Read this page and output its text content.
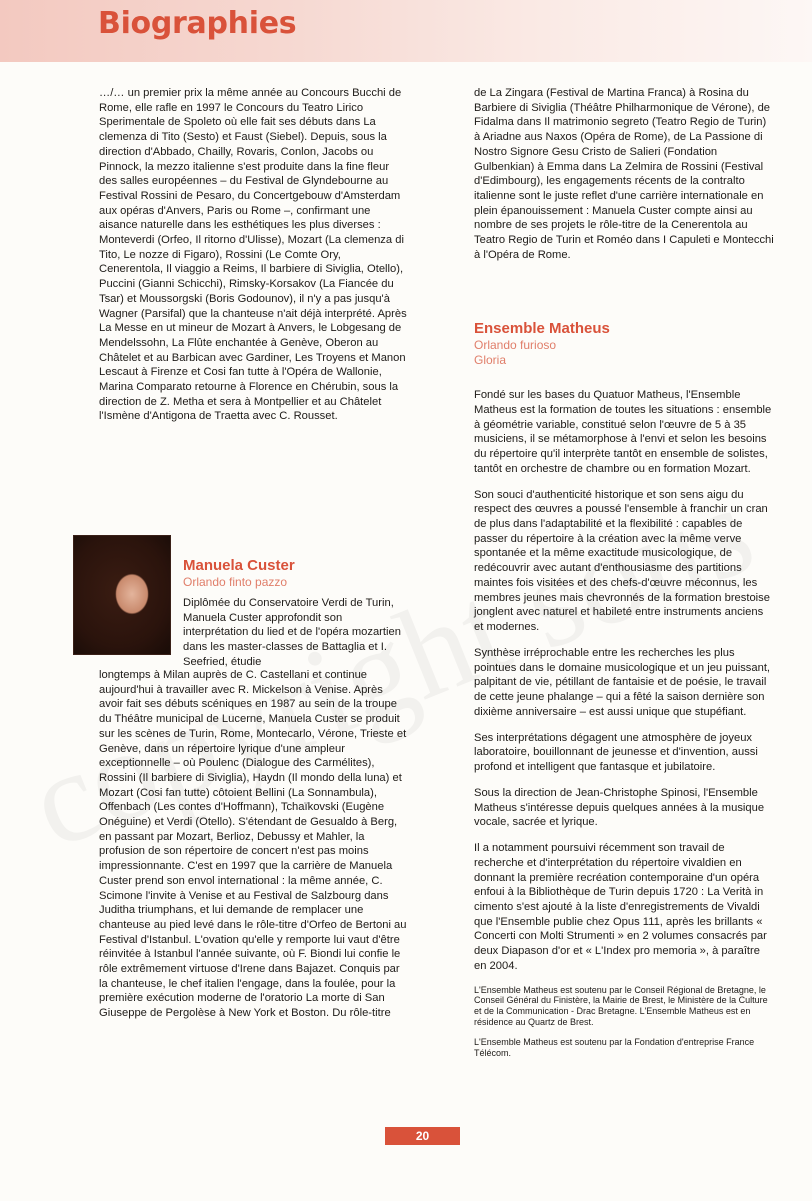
Biographies

…/… un premier prix la même année au Concours Bucchi de Rome, elle rafle en 1997 le Concours du Teatro Lirico Sperimentale de Spoleto où elle fait ses débuts dans La clemenza di Tito (Sesto) et Faust (Siebel). Depuis, sous la direction d'Abbado, Chailly, Rovaris, Conlon, Jacobs ou Pinnock, la mezzo italienne s'est produite dans la fine fleur des salles européennes – du Festival de Glyndebourne au Festival Rossini de Pesaro, du Concertgebouw d'Amsterdam aux opéras d'Anvers, Paris ou Rome –, confirmant une aisance naturelle dans les esthétiques les plus diverses : Monteverdi (Orfeo, Il ritorno d'Ulisse), Mozart (La clemenza di Tito, Le nozze di Figaro), Rossini (Le Comte Ory, Cenerentola, Il viaggio a Reims, Il barbiere di Siviglia, Otello), Puccini (Gianni Schicchi), Rimsky-Korsakov (La Fiancée du Tsar) et Moussorgski (Boris Godounov), il n'y a pas jusqu'à Wagner (Parsifal) que la chanteuse n'ait déjà interprété. Après La Messe en ut mineur de Mozart à Anvers, le Lobgesang de Mendelssohn, La Flûte enchantée à Genève, Oberon au Châtelet et au Barbican avec Gardiner, Les Troyens et Manon Lescaut à Firenze et Cosi fan tutte à l'Opéra de Wallonie, Marina Comparato retourne à Florence en Chérubin, sous la direction de Z. Metha et sera à Montpellier et au Châtelet l'Ismène d'Antigona de Traetta avec C. Rousset.

Manuela Custer
Orlando finto pazzo
Diplômée du Conservatoire Verdi de Turin, Manuela Custer approfondit son interprétation du lied et de l'opéra mozartien dans les master-classes de Battaglia et I. Seefried, étudie
longtemps à Milan auprès de C. Castellani et continue aujourd'hui à travailler avec R. Mickelson à Venise. Après avoir fait ses débuts scéniques en 1987 au sein de la troupe du Théâtre municipal de Lucerne, Manuela Custer se produit sur les scènes de Turin, Rome, Montecarlo, Vérone, Trieste et Genève, dans un répertoire lyrique d'une ampleur exceptionnelle – où Poulenc (Dialogue des Carmélites), Rossini (Il barbiere di Siviglia), Haydn (Il mondo della luna) et Mozart (Cosi fan tutte) côtoient Bellini (La Sonnambula), Offenbach (Les contes d'Hoffmann), Tchaïkovski (Eugène Onéguine) et Verdi (Otello). S'étendant de Gesualdo à Berg, en passant par Mozart, Berlioz, Debussy et Mahler, la profusion de son répertoire de concert n'est pas moins impressionnante. C'est en 1997 que la carrière de Manuela Custer prend son envol international : la même année, C. Scimone l'invite à Venise et au Festival de Salzbourg dans Juditha triumphans, et lui demande de remplacer une chanteuse au pied levé dans le rôle-titre d'Orfeo de Bertoni au Festival d'Istanbul. L'ovation qu'elle y remporte lui vaut d'être réinvitée à Istanbul l'année suivante, où F. Biondi lui confie le rôle extrêmement virtuose d'Irene dans Bajazet. Conquis par la chanteuse, le chef italien l'engage, dans la foulée, pour la première exécution moderne de l'oratorio La morte di San Giuseppe de Pergolèse à New York et Boston. Du rôle-titre

de La Zingara (Festival de Martina Franca) à Rosina du Barbiere di Siviglia (Théâtre Philharmonique de Vérone), de Fidalma dans Il matrimonio segreto (Teatro Regio de Turin) à Ariadne aus Naxos (Opéra de Rome), de La Passione di Nostro Signore Gesu Cristo de Salieri (Fondation Gulbenkian) à Emma dans La Zelmira de Rossini (Festival d'Edimbourg), les engagements récents de la contralto italienne sont le juste reflet d'une carrière internationale en plein épanouissement : Manuela Custer compte ainsi au nombre de ses projets le rôle-titre de la Cenerentola au Teatro Regio de Turin et Roméo dans I Capuleti e Montecchi à l'Opéra de Rome.

Ensemble Matheus
Orlando furioso
Gloria

Fondé sur les bases du Quatuor Matheus, l'Ensemble Matheus est la formation de toutes les situations : ensemble à géométrie variable, constitué selon l'œuvre de 5 à 35 musiciens, il se métamorphose à l'envi et selon les besoins du répertoire qu'il interprète tantôt en ensemble de solistes, tantôt en orchestre de chambre ou en formation Mozart.

Son souci d'authenticité historique et son sens aigu du respect des œuvres a poussé l'ensemble à franchir un cran de plus dans l'adaptabilité et la flexibilité : capables de passer du répertoire à la création avec la même verve spontanée et la même exactitude musicologique, de redécouvrir avec autant d'enthousiasme des partitions maintes fois visitées et des chefs-d'œuvre méconnus, les membres jeunes mais chevronnés de la formation brestoise jonglent avec naturel et habileté entre instruments anciens et modernes.

Synthèse irréprochable entre les recherches les plus pointues dans le domaine musicologique et un jeu puissant, palpitant de vie, pétillant de fantaisie et de poésie, le travail de cette jeune phalange – qui a fêté la saison dernière son dixième anniversaire – est aussi unique que stupéfiant.

Ses interprétations dégagent une atmosphère de joyeux laboratoire, bouillonnant de jeunesse et d'invention, aussi profond et intelligent que fantasque et jubilatoire.

Sous la direction de Jean-Christophe Spinosi, l'Ensemble Matheus s'intéresse depuis quelques années à la musique vocale, sacrée et lyrique.

Il a notamment poursuivi récemment son travail de recherche et d'interprétation du répertoire vivaldien en donnant la première recréation contemporaine d'un opéra enfoui à la Bibliothèque de Turin depuis 1720 : La Verità in cimento s'est ajouté à la liste d'enregistrements de Vivaldi que l'Ensemble publie chez Opus 111, après les brillants « Concerti con Molti Strumenti » en 2 volumes consacrés par deux Diapason d'or et « L'Index pro memoria », à paraître en 2004.

L'Ensemble Matheus est soutenu par le Conseil Régional de Bretagne, le Conseil Général du Finistère, la Mairie de Brest, le Ministère de la Culture et de la Communication - Drac Bretagne. L'Ensemble Matheus est en résidence au Quartz de Brest.

L'Ensemble Matheus est soutenu par la Fondation d'entreprise France Télécom.

20
